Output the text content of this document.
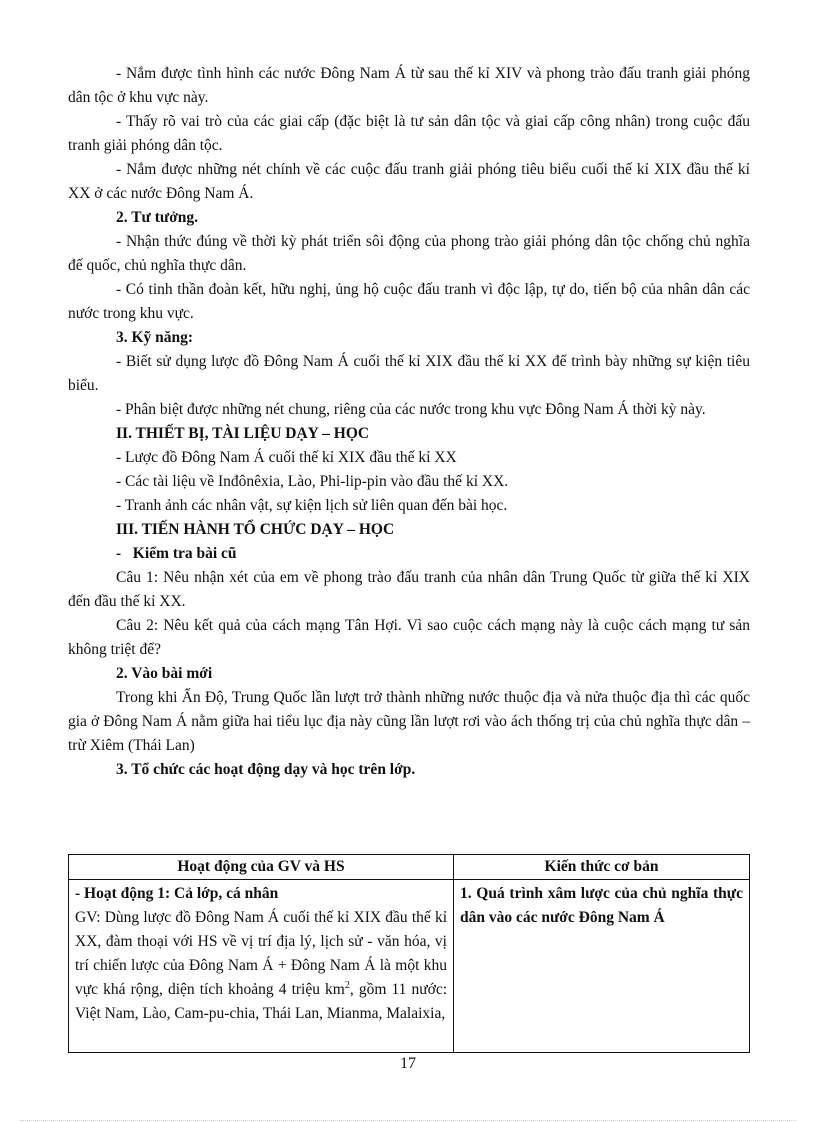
- Nắm được tình hình các nước Đông Nam Á từ sau thế kỉ XIV và phong trào đấu tranh giải phóng dân tộc ở khu vực này.

- Thấy rõ vai trò của các giai cấp (đặc biệt là tư sản dân tộc và giai cấp công nhân) trong cuộc đấu tranh giải phóng dân tộc.

- Nắm được những nét chính về các cuộc đấu tranh giải phóng tiêu biểu cuối thế kỉ XIX đầu thế kỉ XX ở các nước Đông Nam Á.

2. Tư tưởng.

- Nhận thức đúng về thời kỳ phát triển sôi động của phong trào giải phóng dân tộc chống chủ nghĩa đế quốc, chủ nghĩa thực dân.

- Có tinh thần đoàn kết, hữu nghị, ủng hộ cuộc đấu tranh vì độc lập, tự do, tiến bộ của nhân dân các nước trong khu vực.

3. Kỹ năng:

- Biết sử dụng lược đồ Đông Nam Á cuối thế kỉ XIX đầu thế kỉ XX để trình bày những sự kiện tiêu biểu.

- Phân biệt được những nét chung, riêng của các nước trong khu vực Đông Nam Á thời kỳ này.

II. THIẾT BỊ, TÀI LIỆU DẠY – HỌC

- Lược đồ Đông Nam Á cuối thế kỉ XIX đầu thế kỉ XX

- Các tài liệu về Inđônêxia, Lào, Phi-lip-pin vào đầu thế kỉ XX.

- Tranh ảnh các nhân vật, sự kiện lịch sử liên quan đến bài học.

III. TIẾN HÀNH TỔ CHỨC DẠY – HỌC

-   Kiểm tra bài cũ

Câu 1: Nêu nhận xét của em về phong trào đấu tranh của nhân dân Trung Quốc từ giữa thế kỉ XIX đến đầu thế kỉ XX.

Câu 2: Nêu kết quả của cách mạng Tân Hợi. Vì sao cuộc cách mạng này là cuộc cách mạng tư sản không triệt để?

2. Vào bài mới

Trong khi Ấn Độ, Trung Quốc lần lượt trở thành những nước thuộc địa và nửa thuộc địa thì các quốc gia ở Đông Nam Á nằm giữa hai tiểu lục địa này cũng lần lượt rơi vào ách thống trị của chủ nghĩa thực dân – trừ Xiêm (Thái Lan)

3. Tổ chức các hoạt động dạy và học trên lớp.

Hoạt động của GV và HS	Kiến thức cơ bản

- Hoạt động 1: Cả lớp, cá nhân
GV: Dùng lược đồ Đông Nam Á cuối thế kỉ XIX đầu thế kỉ XX, đàm thoại với HS về vị trí địa lý, lịch sử - văn hóa, vị trí chiến lược của Đông Nam Á + Đông Nam Á là một khu vực khá rộng, diện tích khoảng 4 triệu $km^2$, gồm 11 nước: Việt Nam, Lào, Cam-pu-chia, Thái Lan, Mianma, Malaixia,	1. Quá trình xâm lược của chủ nghĩa thực dân vào các nước Đông Nam Á
17
